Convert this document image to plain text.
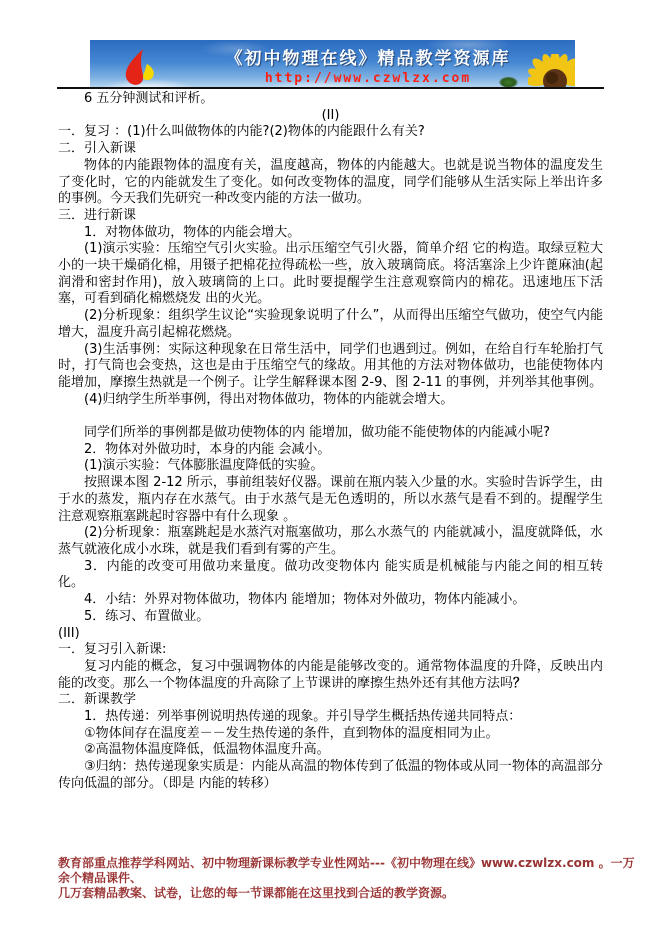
《初中物理在线》精品教学资源库
http://www.czwlzx.com
6 五分钟测试和评析。
(II)
一．复习 ：(1)什么叫做物体的内能?(2)物体的内能跟什么有关?
二．引入新课
物体的内能跟物体的温度有关，温度越高，物体的内能越大。也就是说当物体的温度发生了变化时，它的内能就发生了变化。如何改变物体的温度，同学们能够从生活实际上举出许多的事例。今天我们先研究一种改变内能的方法一做功。
三．进行新课
1．对物体做功，物体的内能会增大。
(1)演示实验：压缩空气引火实验。出示压缩空气引火器，简单介绍 它的构造。取绿豆粒大小的一块干燥硝化棉，用镊子把棉花拉得疏松一些，放入玻璃筒底。将活塞涂上少许蓖麻油(起润滑和密封作用)，放入玻璃筒的上口。此时要提醒学生注意观察筒内的棉花。迅速地压下活塞，可看到硝化棉燃烧发 出的火光。
(2)分析现象：组织学生议论“实验现象说明了什么”，从而得出压缩空气做功，使空气内能增大，温度升高引起棉花燃烧。
(3)生活事例：实际这种现象在日常生活中，同学们也遇到过。例如，在给自行车轮胎打气时，打气筒也会变热，这也是由于压缩空气的缘故。用其他的方法对物体做功，也能使物体内能增加，摩擦生热就是一个例子。让学生解释课本图 2-9、图 2-11 的事例，并列举其他事例。
(4)归纳学生所举事例，得出对物体做功，物体的内能就会增大。

同学们所举的事例都是做功使物体的内 能增加，做功能不能使物体的内能减小呢?
2．物体对外做功时，本身的内能 会减小。
(1)演示实验：气体膨胀温度降低的实验。
按照课本图 2-12 所示，事前组装好仪器。课前在瓶内装入少量的水。实验时告诉学生，由于水的蒸发，瓶内存在水蒸气。由于水蒸气是无色透明的，所以水蒸气是看不到的。提醒学生注意观察瓶塞跳起时容器中有什么现象 。
(2)分析现象：瓶塞跳起是水蒸汽对瓶塞做功，那么水蒸气的 内能就减小，温度就降低，水蒸气就液化成小水珠，就是我们看到有雾的产生。
3．内能的改变可用做功来量度。做功改变物体内 能实质是机械能与内能之间的相互转化。
4．小结：外界对物体做功，物体内 能增加；物体对外做功，物体内能减小。
5．练习、布置做业。
(III)
一．复习引入新课:
复习内能的概念，复习中强调物体的内能是能够改变的。通常物体温度的升降，反映出内能的改变。那么一个物体温度的升高除了上节课讲的摩擦生热外还有其他方法吗？
二．新课教学
1．热传递：列举事例说明热传递的现象。并引导学生概括热传递共同特点：
①物体间存在温度差－－发生热传递的条件，直到物体的温度相同为止。
②高温物体温度降低，低温物体温度升高。
③归纳：热传递现象实质是：内能从高温的物体传到了低温的物体或从同一物体的高温部分传向低温的部分。（即是 内能的转移）

教育部重点推荐学科网站、初中物理新课标教学专业性网站---《初中物理在线》www.czwlzx.com 。一万余个精品课件、

几万套精品教案、试卷，让您的每一节课都能在这里找到合适的教学资源。
